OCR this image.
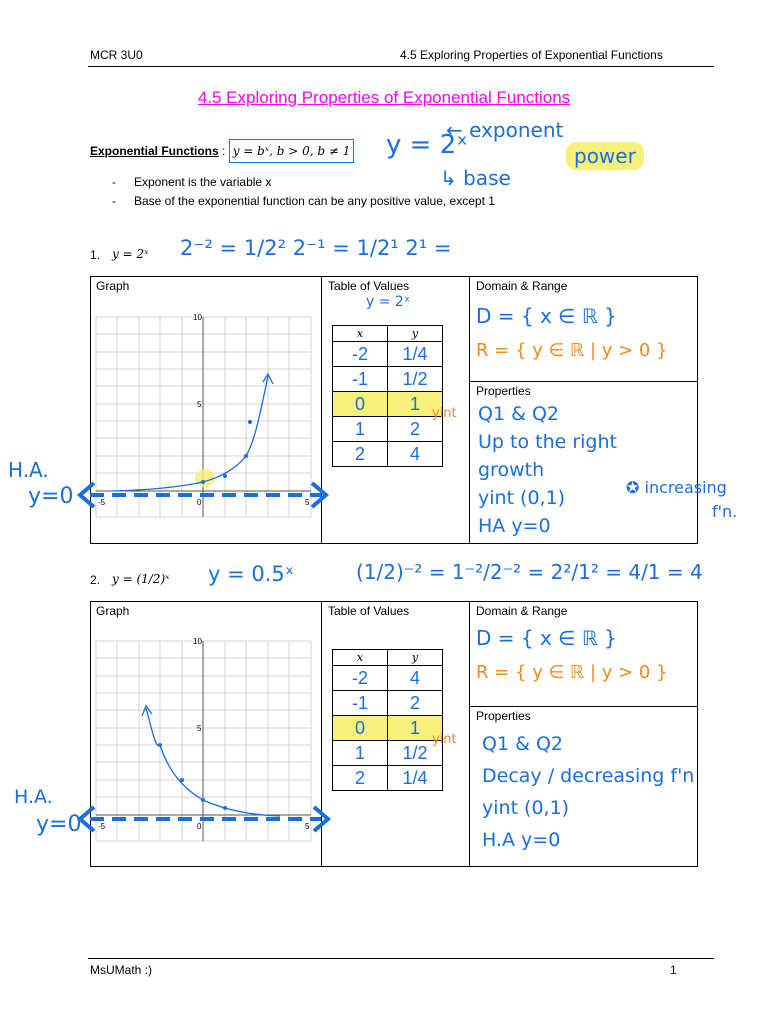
MCR 3U0	4.5 Exploring Properties of Exponential Functions
4.5 Exploring Properties of Exponential Functions
Exponential Functions : y = bˣ, b > 0, b ≠ 1
- Exponent is the variable x
- Base of the exponential function can be any positive value, except 1
y = 2ˣ
← exponent
↳ base
power
1. y = 2ˣ 2⁻² = 1/2² 2⁻¹ = 1/2¹ 2¹ =
Graph	Table of Values	Domain & Range
Properties
10
5
0
-5	5
H.A.
y=0
y = 2ˣ
x	y
-2	1/4
-1	1/2
0	1
1	2
2	4
yint
D = { x ∈ ℝ }
R = { y ∈ ℝ | y > 0 }
Q1 & Q2
Up to the right
growth
yint (0,1)
HA y=0
✪ increasing
f'n.
2. y = (1/2)ˣ y = 0.5ˣ	(1/2)⁻² = 1⁻²/2⁻² = 2²/1² = 4/1 = 4
Graph	Table of Values	Domain & Range
Properties
10
5
0
-5	5
H.A.
y=0
x	y
-2	4
-1	2
0	1
1	1/2
2	1/4
yint
D = { x ∈ ℝ }
R = { y ∈ ℝ | y > 0 }
Q1 & Q2
Decay / decreasing f'n
yint (0,1)
H.A y=0
MsUMath :)	1
